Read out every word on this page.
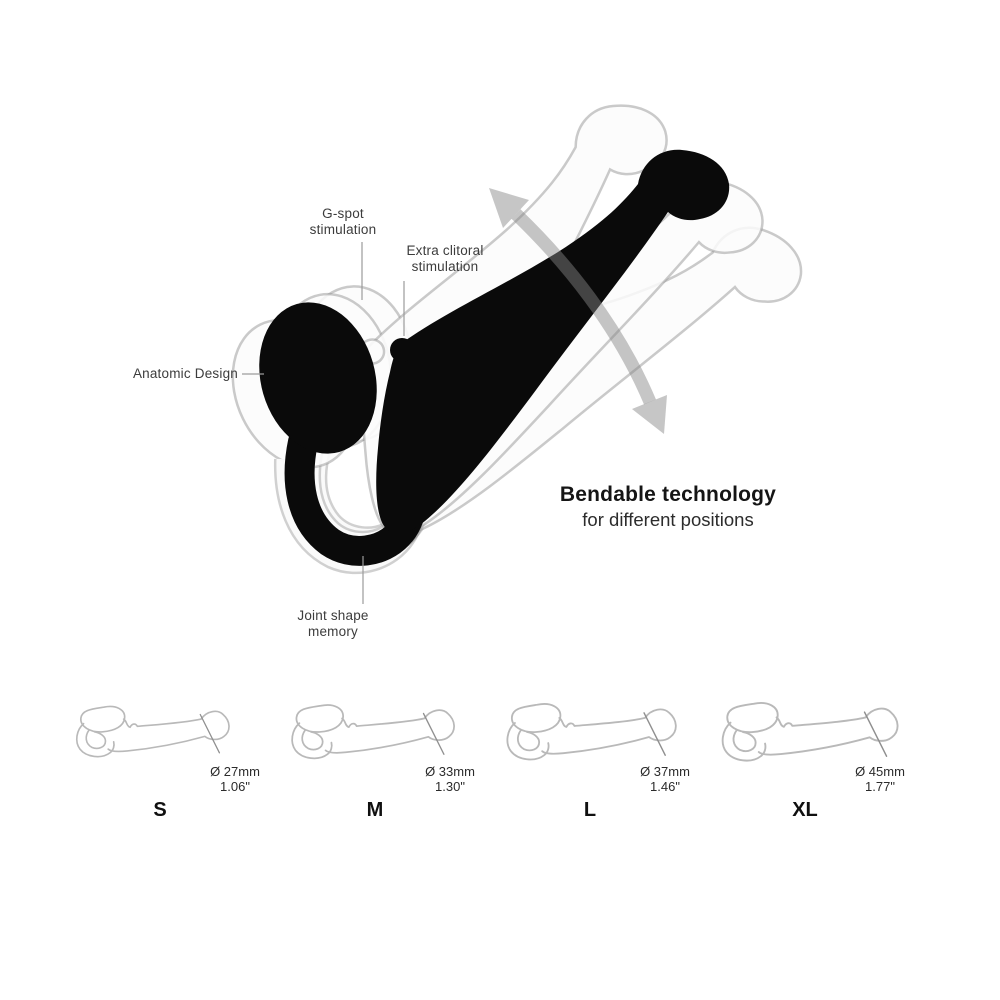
G-spot
stimulation
Extra clitoral
stimulation
Anatomic Design
Joint shape
memory
Bendable technology
for different positions
Ø 27mm
1.06"
S
Ø 33mm
1.30"
M
Ø 37mm
1.46"
L
Ø 45mm
1.77"
XL
